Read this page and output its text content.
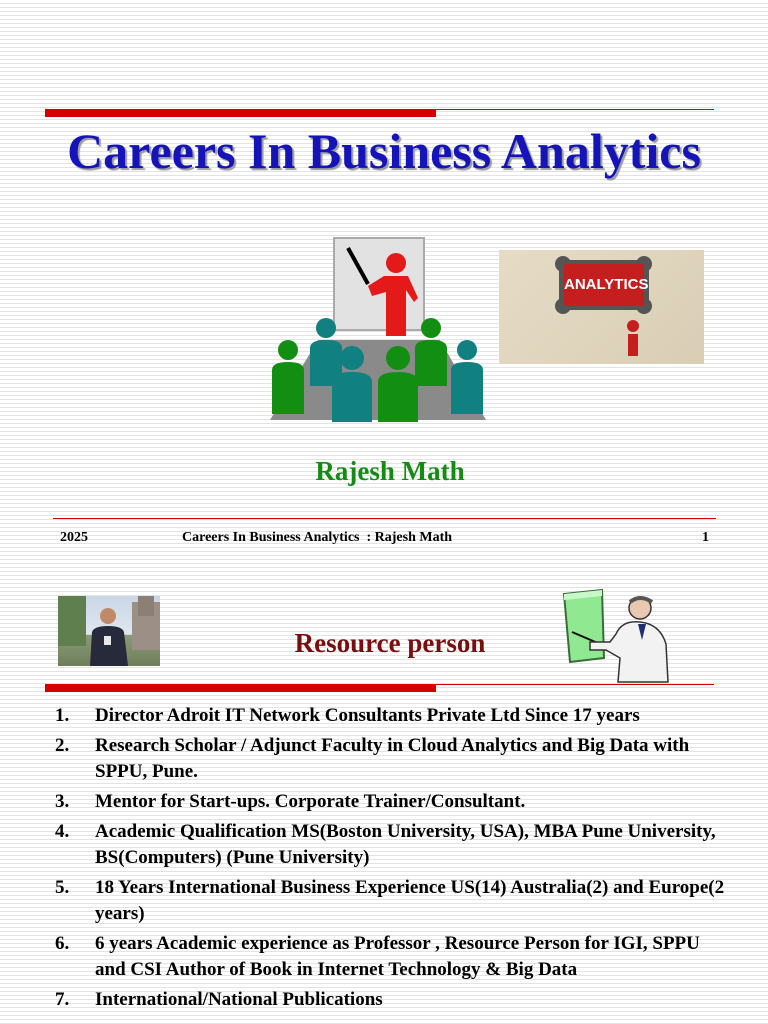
Careers In Business Analytics
ANALYTICS
Rajesh Math
2025	Careers In Business Analytics  : Rajesh Math	1
Resource person
1. Director Adroit IT Network Consultants Private Ltd Since 17 years
2. Research Scholar / Adjunct Faculty in Cloud Analytics and Big Data with SPPU, Pune.
3. Mentor for Start-ups. Corporate Trainer/Consultant.
4. Academic Qualification MS(Boston University, USA), MBA Pune University, BS(Computers) (Pune University)
5. 18 Years International Business Experience US(14) Australia(2) and Europe(2 years)
6. 6 years Academic experience as Professor , Resource Person for IGI, SPPU and CSI Author of Book in Internet Technology & Big Data
7. International/National Publications
